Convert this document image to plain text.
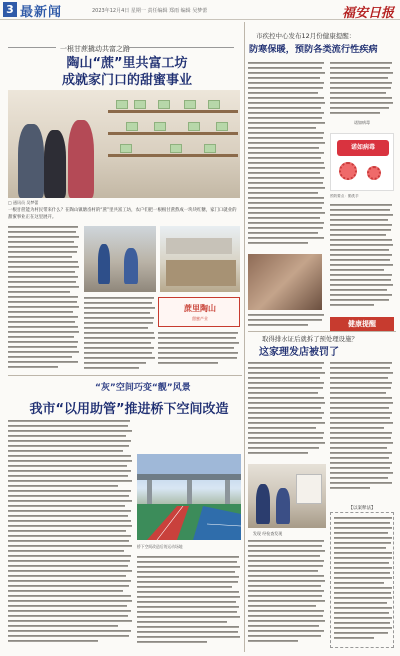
3 最新闻	2023年12月4日 星期一 责任编辑 郑雨 编辑 吴梦蕾	福安日报
一根甘蔗撬动共富之路
陶山“蔗”里共富工坊
成就家门口的甜蜜事业
□ 通讯员 吴梦蕾
一根甘蔗能为村民带来什么？在陶山镇塘岙村的“蔗”里共富工坊，农户们把一根根甘蔗熬成一块块红糖，家门口就业的甜蜜事业正在这里展开。
蔗里陶山
甜蜜产业
“灰”空间巧变“靓”风景
我市“以用助管”推进桥下空间改造
桥下空间改造后的运动场地
市疾控中心发布12月份健康提醒：
防寒保暖，预防各类流行性疾病
诺如病毒
诺如病毒
预防要点：勤洗手
健康提醒
取得排水证后就拆了预处理设施？
这家理发店被罚了
发现 经检查发现
【以案释法】
